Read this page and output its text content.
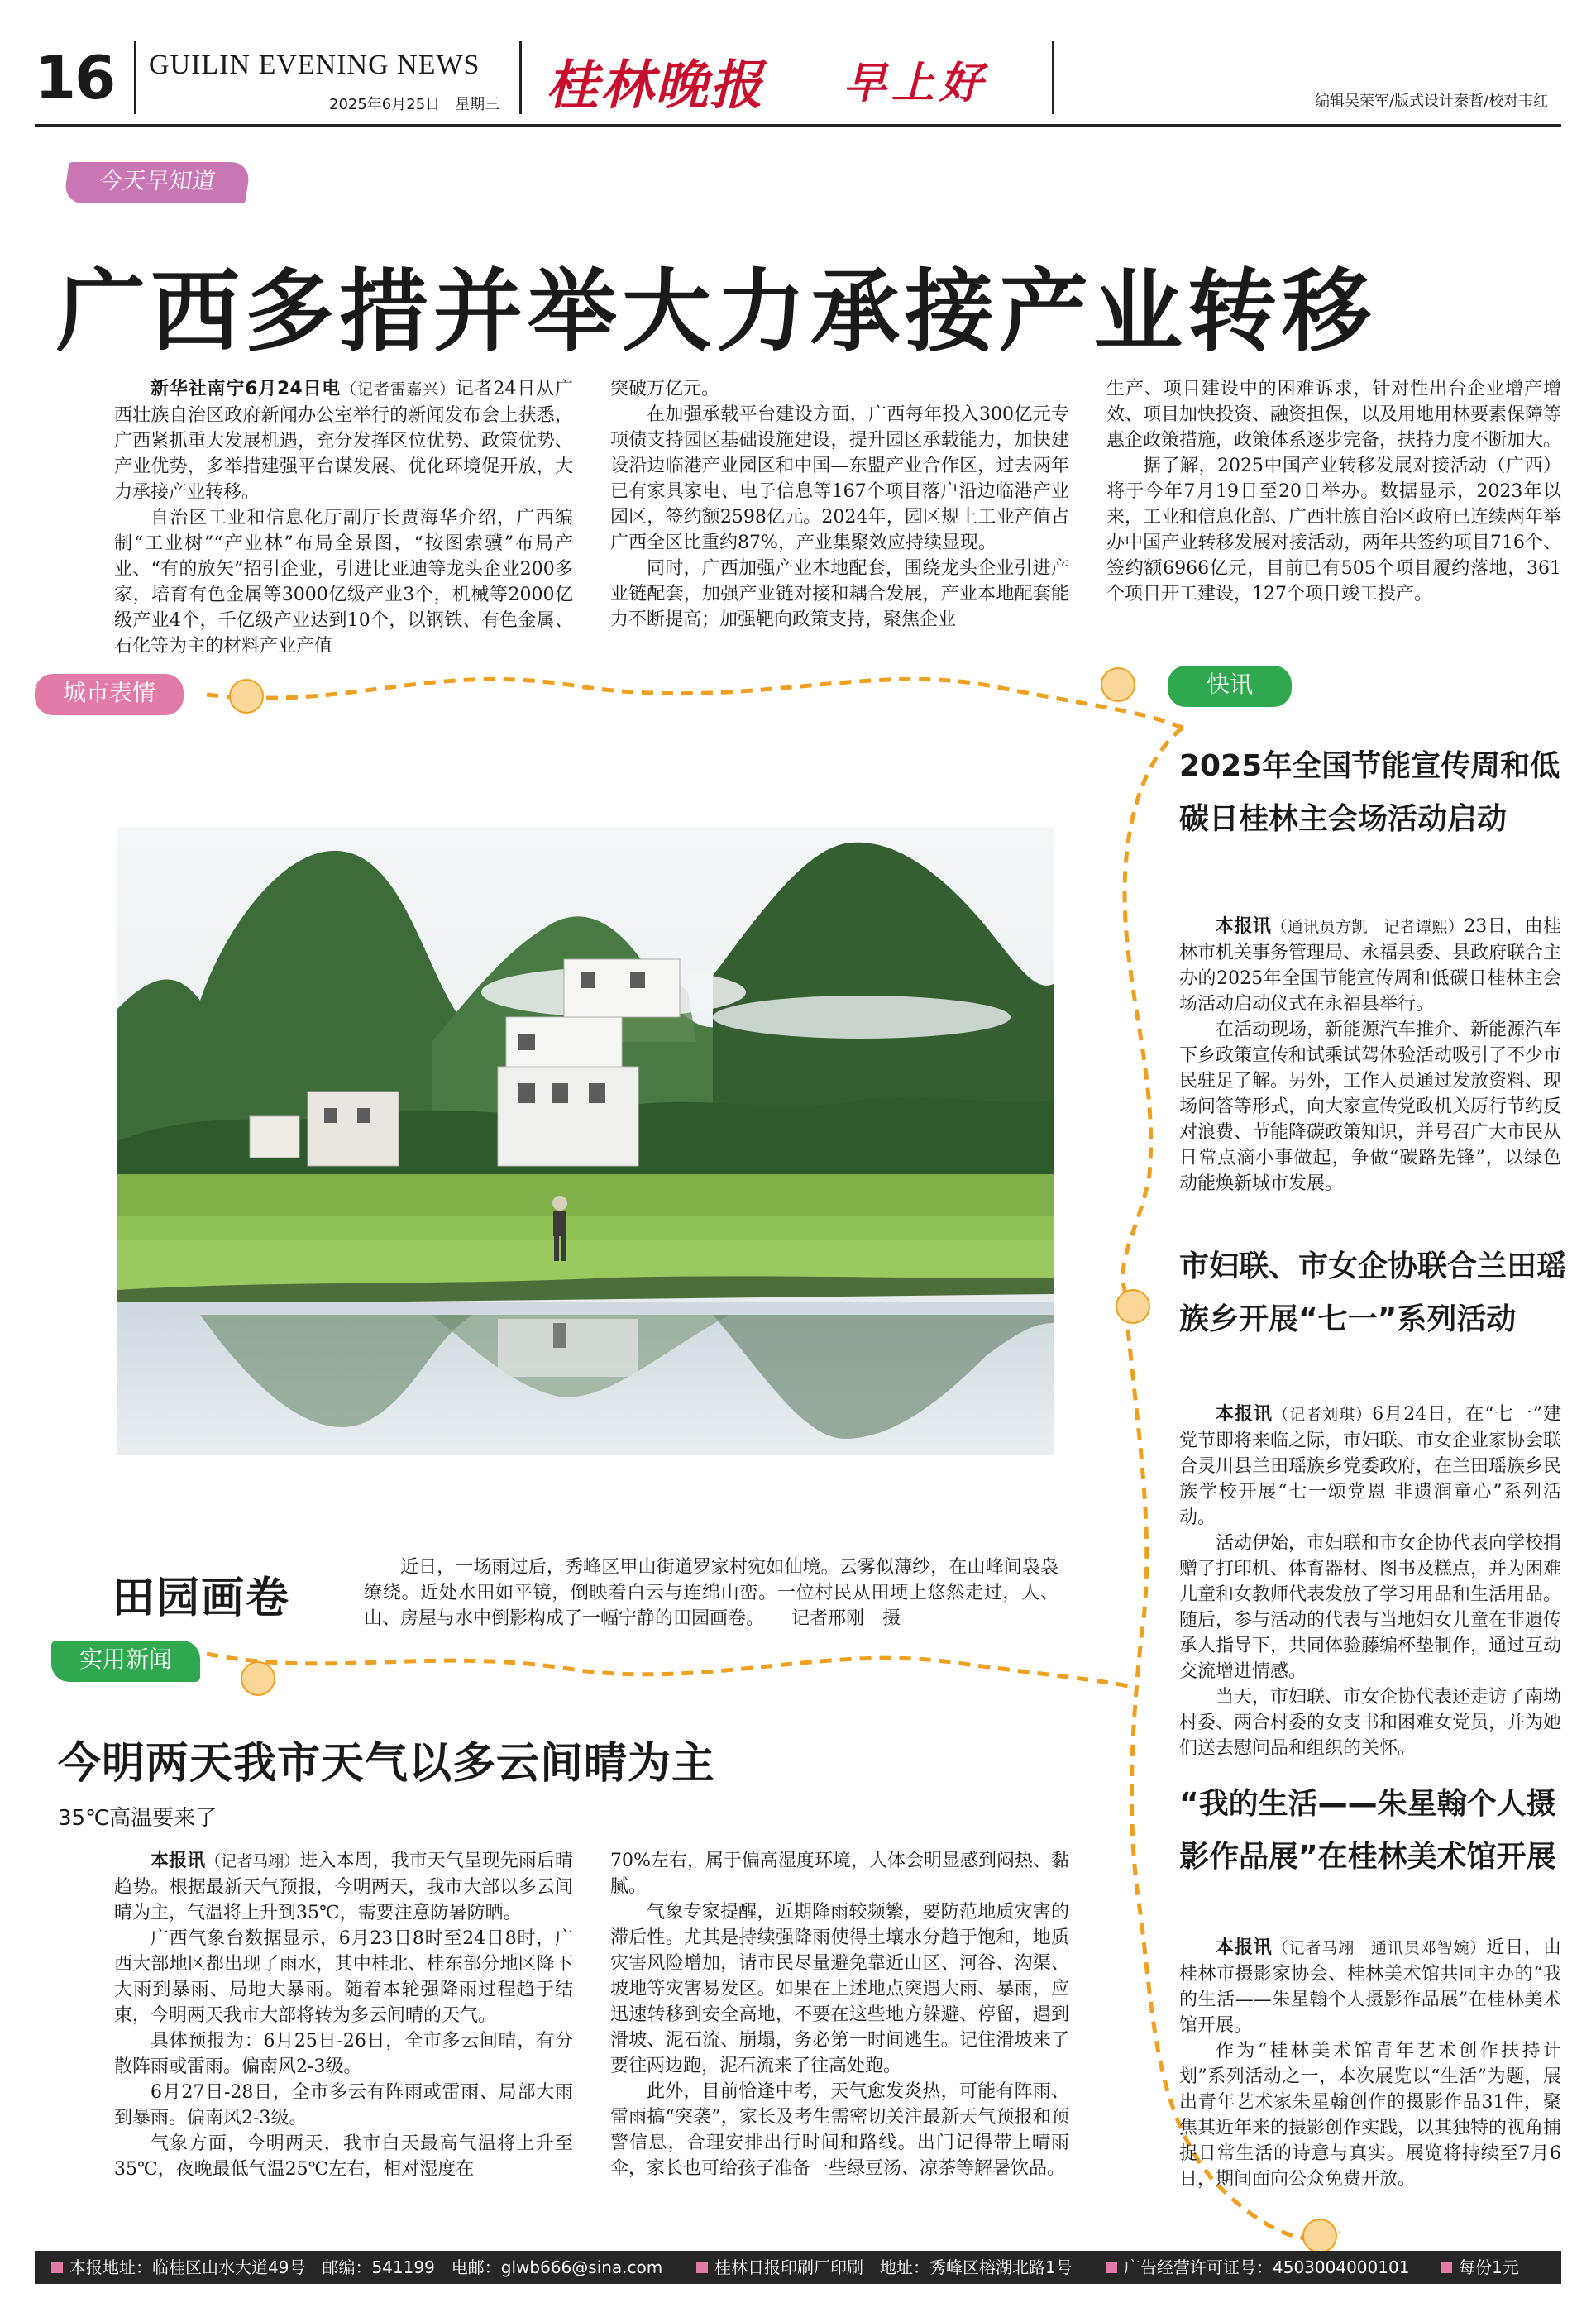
16 GUILIN EVENING NEWS
2025年6月25日　星期三 桂林晚报 早上好	编辑吴荣军/版式设计秦哲/校对韦红
今天早知道
广西多措并举大力承接产业转移

新华社南宁6月24日电（记者雷嘉兴）记者24日从广西壮族自治区政府新闻办公室举行的新闻发布会上获悉，广西紧抓重大发展机遇，充分发挥区位优势、政策优势、产业优势，多举措建强平台谋发展、优化环境促开放，大力承接产业转移。

自治区工业和信息化厅副厅长贾海华介绍，广西编制“工业树”“产业林”布局全景图，“按图索骥”布局产业、“有的放矢”招引企业，引进比亚迪等龙头企业200多家，培育有色金属等3000亿级产业3个，机械等2000亿级产业4个，千亿级产业达到10个，以钢铁、有色金属、石化等为主的材料产业产值

突破万亿元。

在加强承载平台建设方面，广西每年投入300亿元专项债支持园区基础设施建设，提升园区承载能力，加快建设沿边临港产业园区和中国—东盟产业合作区，过去两年已有家具家电、电子信息等167个项目落户沿边临港产业园区，签约额2598亿元。2024年，园区规上工业产值占广西全区比重约87%，产业集聚效应持续显现。

同时，广西加强产业本地配套，围绕龙头企业引进产业链配套，加强产业链对接和耦合发展，产业本地配套能力不断提高；加强靶向政策支持，聚焦企业

生产、项目建设中的困难诉求，针对性出台企业增产增效、项目加快投资、融资担保，以及用地用林要素保障等惠企政策措施，政策体系逐步完备，扶持力度不断加大。

据了解，2025中国产业转移发展对接活动（广西）将于今年7月19日至20日举办。数据显示，2023年以来，工业和信息化部、广西壮族自治区政府已连续两年举办中国产业转移发展对接活动，两年共签约项目716个、签约额6966亿元，目前已有505个项目履约落地，361个项目开工建设，127个项目竣工投产。

城市表情	快讯
田园画卷
近日，一场雨过后，秀峰区甲山街道罗家村宛如仙境。云雾似薄纱，在山峰间袅袅缭绕。近处水田如平镜，倒映着白云与连绵山峦。一位村民从田埂上悠然走过，人、山、房屋与水中倒影构成了一幅宁静的田园画卷。　　记者邢刚　摄
2025年全国节能宣传周和低碳日桂林主会场活动启动

本报讯（通讯员方凯　记者谭熙）23日，由桂林市机关事务管理局、永福县委、县政府联合主办的2025年全国节能宣传周和低碳日桂林主会场活动启动仪式在永福县举行。

在活动现场，新能源汽车推介、新能源汽车下乡政策宣传和试乘试驾体验活动吸引了不少市民驻足了解。另外，工作人员通过发放资料、现场问答等形式，向大家宣传党政机关厉行节约反对浪费、节能降碳政策知识，并号召广大市民从日常点滴小事做起，争做“碳路先锋”，以绿色动能焕新城市发展。

市妇联、市女企协联合兰田瑶族乡开展“七一”系列活动

本报讯（记者刘琪）6月24日，在“七一”建党节即将来临之际，市妇联、市女企业家协会联合灵川县兰田瑶族乡党委政府，在兰田瑶族乡民族学校开展“七一颂党恩 非遗润童心”系列活动。

活动伊始，市妇联和市女企协代表向学校捐赠了打印机、体育器材、图书及糕点，并为困难儿童和女教师代表发放了学习用品和生活用品。随后，参与活动的代表与当地妇女儿童在非遗传承人指导下，共同体验藤编杯垫制作，通过互动交流增进情感。

当天，市妇联、市女企协代表还走访了南坳村委、两合村委的女支书和困难女党员，并为她们送去慰问品和组织的关怀。

“我的生活——朱星翰个人摄影作品展”在桂林美术馆开展

本报讯（记者马翊　通讯员邓智婉）近日，由桂林市摄影家协会、桂林美术馆共同主办的“我的生活——朱星翰个人摄影作品展”在桂林美术馆开展。

作为“桂林美术馆青年艺术创作扶持计划”系列活动之一，本次展览以“生活”为题，展出青年艺术家朱星翰创作的摄影作品31件，聚焦其近年来的摄影创作实践，以其独特的视角捕捉日常生活的诗意与真实。展览将持续至7月6日，期间面向公众免费开放。

实用新闻
今明两天我市天气以多云间晴为主
35℃高温要来了

本报讯（记者马翊）进入本周，我市天气呈现先雨后晴趋势。根据最新天气预报，今明两天，我市大部以多云间晴为主，气温将上升到35℃，需要注意防暑防晒。

广西气象台数据显示，6月23日8时至24日8时，广西大部地区都出现了雨水，其中桂北、桂东部分地区降下大雨到暴雨、局地大暴雨。随着本轮强降雨过程趋于结束，今明两天我市大部将转为多云间晴的天气。

具体预报为：6月25日-26日，全市多云间晴，有分散阵雨或雷雨。偏南风2-3级。

6月27日-28日，全市多云有阵雨或雷雨、局部大雨到暴雨。偏南风2-3级。

气象方面，今明两天，我市白天最高气温将上升至35℃，夜晚最低气温25℃左右，相对湿度在

70%左右，属于偏高湿度环境，人体会明显感到闷热、黏腻。

气象专家提醒，近期降雨较频繁，要防范地质灾害的滞后性。尤其是持续强降雨使得土壤水分趋于饱和，地质灾害风险增加，请市民尽量避免靠近山区、河谷、沟渠、坡地等灾害易发区。如果在上述地点突遇大雨、暴雨，应迅速转移到安全高地，不要在这些地方躲避、停留，遇到滑坡、泥石流、崩塌，务必第一时间逃生。记住滑坡来了要往两边跑，泥石流来了往高处跑。

此外，目前恰逢中考，天气愈发炎热，可能有阵雨、雷雨搞“突袭”，家长及考生需密切关注最新天气预报和预警信息，合理安排出行时间和路线。出门记得带上晴雨伞，家长也可给孩子准备一些绿豆汤、凉茶等解暑饮品。

本报地址：临桂区山水大道49号　邮编：541199　电邮：glwb666@sina.com	桂林日报印刷厂印刷　地址：秀峰区榕湖北路1号	广告经营许可证号：4503004000101	每份1元
